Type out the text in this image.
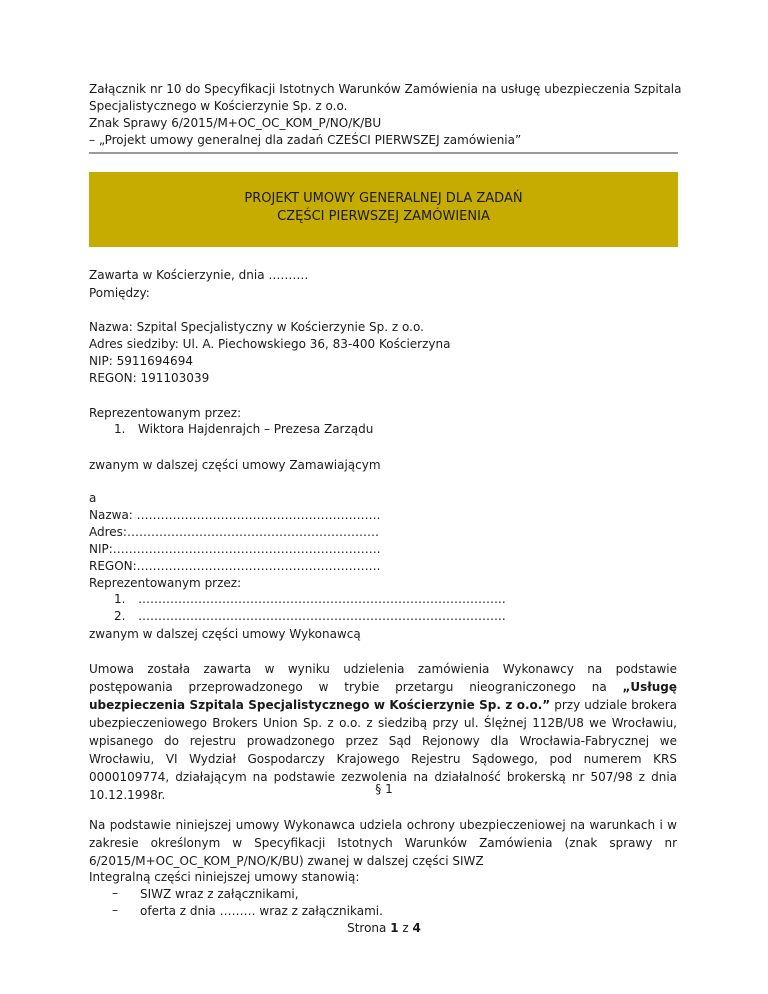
Załącznik nr 10 do Specyfikacji Istotnych Warunków Zamówienia na usługę ubezpieczenia Szpitala
Specjalistycznego w Kościerzynie Sp. z o.o.
Znak Sprawy 6/2015/M+OC_OC_KOM_P/NO/K/BU
– „Projekt umowy generalnej dla zadań CZEŚCI PIERWSZEJ zamówienia”
PROJEKT UMOWY GENERALNEJ DLA ZADAŃ
CZĘŚCI PIERWSZEJ ZAMÓWIENIA
Zawarta w Kościerzynie, dnia ……….
Pomiędzy:
Nazwa: Szpital Specjalistyczny w Kościerzynie Sp. z o.o.
Adres siedziby: Ul. A. Piechowskiego 36, 83-400 Kościerzyna
NIP: 5911694694
REGON: 191103039
Reprezentowanym przez:
1. Wiktora Hajdenrajch – Prezesa Zarządu
zwanym w dalszej części umowy Zamawiającym
a
Nazwa: …………………………………………………….
Adres:………………………………………………………
NIP:………………………………………………………….
REGON:…………………………………………………….
Reprezentowanym przez:
1. ………………………………………………………………………………..
2. ………………………………………………………………………………..
zwanym w dalszej części umowy Wykonawcą
Umowa została zawarta w wyniku udzielenia zamówienia Wykonawcy na podstawie postępowania przeprowadzonego w trybie przetargu nieograniczonego na „Usługę ubezpieczenia Szpitala Specjalistycznego w Kościerzynie Sp. z o.o.” przy udziale brokera ubezpieczeniowego Brokers Union Sp. z o.o. z siedzibą przy ul. Ślężnej 112B/U8 we Wrocławiu, wpisanego do rejestru prowadzonego przez Sąd Rejonowy dla Wrocławia-Fabrycznej we Wrocławiu, VI Wydział Gospodarczy Krajowego Rejestru Sądowego, pod numerem KRS 0000109774, działającym na podstawie zezwolenia na działalność brokerską nr 507/98 z dnia 10.12.1998r.	§ 1
Na podstawie niniejszej umowy Wykonawca udziela ochrony ubezpieczeniowej na warunkach i w zakresie określonym w Specyfikacji Istotnych Warunków Zamówienia (znak sprawy nr 6/2015/M+OC_OC_KOM_P/NO/K/BU) zwanej w dalszej części SIWZ
Integralną części niniejszej umowy stanowią:
– SIWZ wraz z załącznikami,
– oferta z dnia ……… wraz z załącznikami.
Strona 1 z 4
